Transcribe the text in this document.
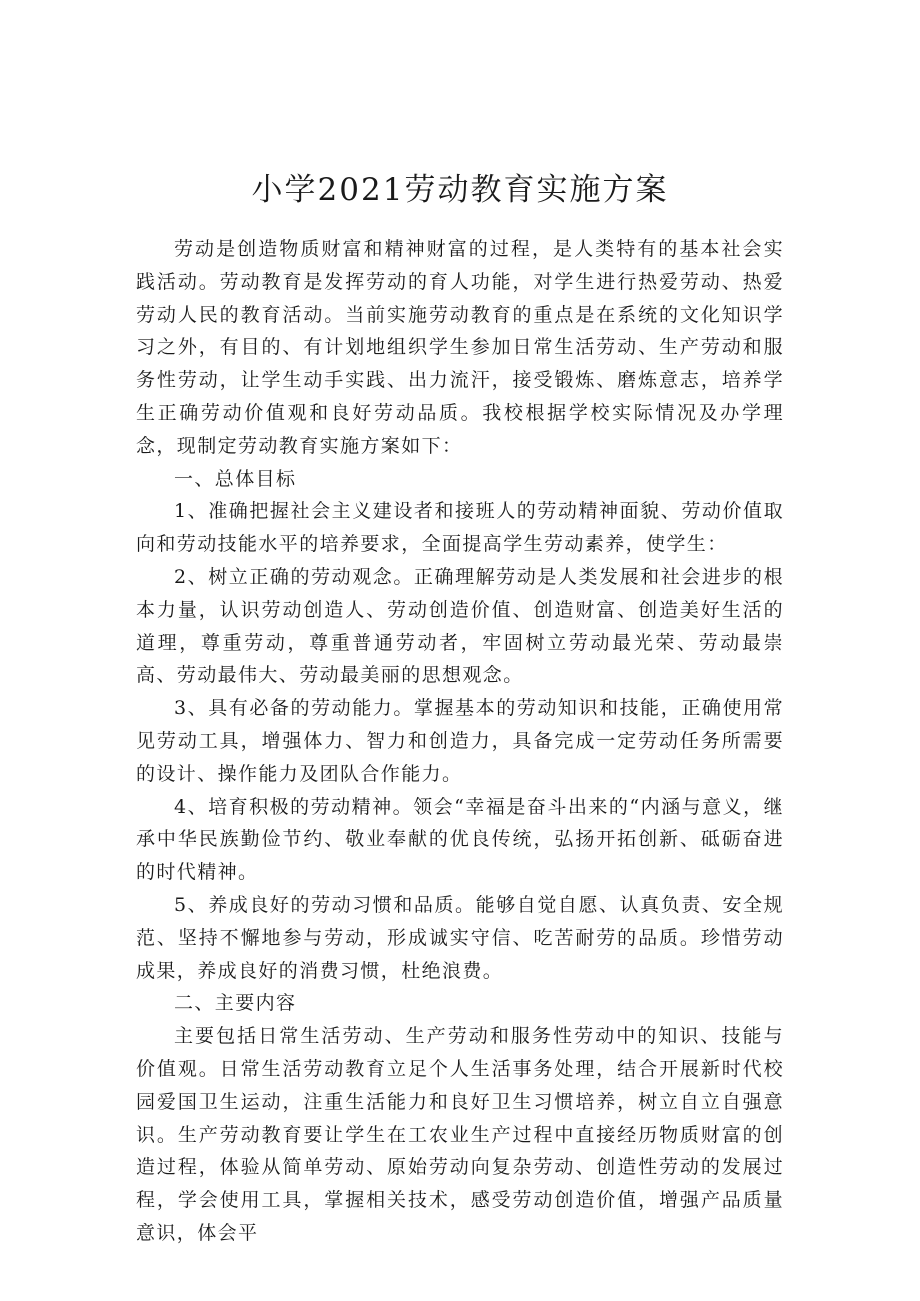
小学2021劳动教育实施方案

劳动是创造物质财富和精神财富的过程，是人类特有的基本社会实践活动。劳动教育是发挥劳动的育人功能，对学生进行热爱劳动、热爱劳动人民的教育活动。当前实施劳动教育的重点是在系统的文化知识学习之外，有目的、有计划地组织学生参加日常生活劳动、生产劳动和服务性劳动，让学生动手实践、出力流汗，接受锻炼、磨炼意志，培养学生正确劳动价值观和良好劳动品质。我校根据学校实际情况及办学理念，现制定劳动教育实施方案如下：

一、总体目标

1、准确把握社会主义建设者和接班人的劳动精神面貌、劳动价值取向和劳动技能水平的培养要求，全面提高学生劳动素养，使学生：

2、树立正确的劳动观念。正确理解劳动是人类发展和社会进步的根本力量，认识劳动创造人、劳动创造价值、创造财富、创造美好生活的道理，尊重劳动，尊重普通劳动者，牢固树立劳动最光荣、劳动最崇高、劳动最伟大、劳动最美丽的思想观念。

3、具有必备的劳动能力。掌握基本的劳动知识和技能，正确使用常见劳动工具，增强体力、智力和创造力，具备完成一定劳动任务所需要的设计、操作能力及团队合作能力。

4、培育积极的劳动精神。领会“幸福是奋斗出来的“内涵与意义，继承中华民族勤俭节约、敬业奉献的优良传统，弘扬开拓创新、砥砺奋进的时代精神。

5、养成良好的劳动习惯和品质。能够自觉自愿、认真负责、安全规范、坚持不懈地参与劳动，形成诚实守信、吃苦耐劳的品质。珍惜劳动成果，养成良好的消费习惯，杜绝浪费。

二、主要内容

主要包括日常生活劳动、生产劳动和服务性劳动中的知识、技能与价值观。日常生活劳动教育立足个人生活事务处理，结合开展新时代校园爱国卫生运动，注重生活能力和良好卫生习惯培养，树立自立自强意识。生产劳动教育要让学生在工农业生产过程中直接经历物质财富的创造过程，体验从简单劳动、原始劳动向复杂劳动、创造性劳动的发展过程，学会使用工具，掌握相关技术，感受劳动创造价值，增强产品质量意识，体会平
